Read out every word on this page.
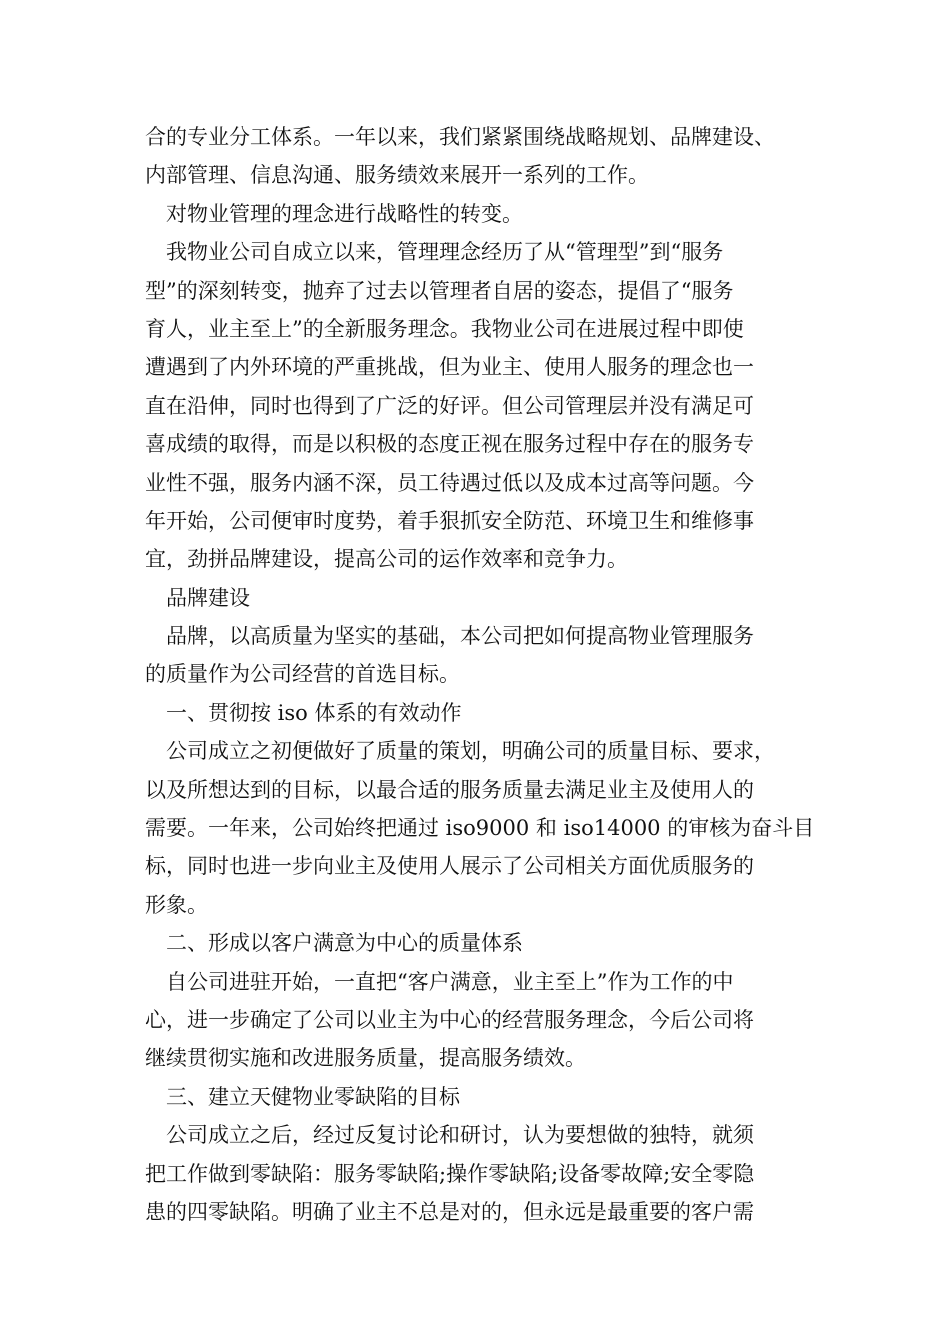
合的专业分工体系。一年以来，我们紧紧围绕战略规划、品牌建设、
内部管理、信息沟通、服务绩效来展开一系列的工作。
对物业管理的理念进行战略性的转变。
我物业公司自成立以来，管理理念经历了从“管理型”到“服务
型”的深刻转变，抛弃了过去以管理者自居的姿态，提倡了“服务
育人，业主至上”的全新服务理念。我物业公司在进展过程中即使
遭遇到了内外环境的严重挑战，但为业主、使用人服务的理念也一
直在沿伸，同时也得到了广泛的好评。但公司管理层并没有满足可
喜成绩的取得，而是以积极的态度正视在服务过程中存在的服务专
业性不强，服务内涵不深，员工待遇过低以及成本过高等问题。今
年开始，公司便审时度势，着手狠抓安全防范、环境卫生和维修事
宜，劲拼品牌建设，提高公司的运作效率和竞争力。
品牌建设
品牌，以高质量为坚实的基础，本公司把如何提高物业管理服务
的质量作为公司经营的首选目标。
一、贯彻按 iso 体系的有效动作
公司成立之初便做好了质量的策划，明确公司的质量目标、要求，
以及所想达到的目标，以最合适的服务质量去满足业主及使用人的
需要。一年来，公司始终把通过 iso9000 和 iso14000 的审核为奋斗目
标，同时也进一步向业主及使用人展示了公司相关方面优质服务的
形象。
二、形成以客户满意为中心的质量体系
自公司进驻开始，一直把“客户满意，业主至上”作为工作的中
心，进一步确定了公司以业主为中心的经营服务理念，今后公司将
继续贯彻实施和改进服务质量，提高服务绩效。
三、建立天健物业零缺陷的目标
公司成立之后，经过反复讨论和研讨，认为要想做的独特，就须
把工作做到零缺陷：服务零缺陷;操作零缺陷;设备零故障;安全零隐
患的四零缺陷。明确了业主不总是对的，但永远是最重要的客户需
